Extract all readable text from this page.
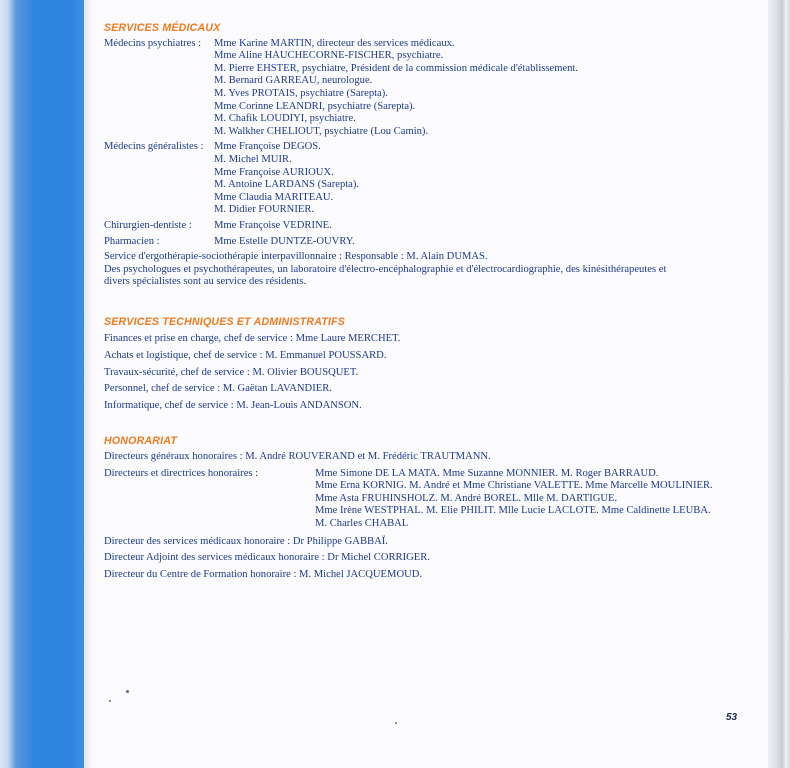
SERVICES MÉDICAUX
Médecins psychiatres :	Mme Karine MARTIN, directeur des services médicaux.
Mme Aline HAUCHECORNE-FISCHER, psychiatre.
M. Pierre EHSTER, psychiatre, Président de la commission médicale d'établissement.
M. Bernard GARREAU, neurologue.
M. Yves PROTAIS, psychiatre (Sarepta).
Mme Corinne LEANDRI, psychiatre (Sarepta).
M. Chafik LOUDIYI, psychiatre.
M. Walkher CHELIOUT, psychiatre (Lou Camin).
Médecins généralistes : Mme Françoise DEGOS.
M. Michel MUIR.
Mme Françoise AURIOUX.
M. Antoine LARDANS (Sarepta).
Mme Claudia MARITEAU.
M. Didier FOURNIER.
Chirurgien-dentiste :	Mme Françoise VEDRINE.
Pharmacien :	Mme Estelle DUNTZE-OUVRY.
Service d'ergothérapie-sociothérapie interpavillonnaire : Responsable : M. Alain DUMAS.
Des psychologues et psychothérapeutes, un laboratoire d'électro-encéphalographie et d'électrocardiographie, des kinésithérapeutes et divers spécialistes sont au service des résidents.
SERVICES TECHNIQUES ET ADMINISTRATIFS
Finances et prise en charge, chef de service : Mme Laure MERCHET.
Achats et logistique, chef de service : M. Emmanuel POUSSARD.
Travaux-sécurité, chef de service : M. Olivier BOUSQUET.
Personnel, chef de service : M. Gaëtan LAVANDIER.
Informatique, chef de service : M. Jean-Louis ANDANSON.
HONORARIAT
Directeurs généraux honoraires : M. André ROUVERAND et M. Frédéric TRAUTMANN.
Directeurs et directrices honoraires :	Mme Simone DE LA MATA. Mme Suzanne MONNIER. M. Roger BARRAUD.
Mme Erna KORNIG. M. André et Mme Christiane VALETTE. Mme Marcelle MOULINIER.
Mme Asta FRUHINSHOLZ. M. André BOREL. Mlle M. DARTIGUE.
Mme Irène WESTPHAL. M. Elie PHILIT. Mlle Lucie LACLOTE. Mme Caldinette LEUBA.
M. Charles CHABAL
Directeur des services médicaux honoraire : Dr Philippe GABBAÏ.
Directeur Adjoint des services médicaux honoraire : Dr Michel CORRIGER.
Directeur du Centre de Formation honoraire : M. Michel JACQUEMOUD.
53
